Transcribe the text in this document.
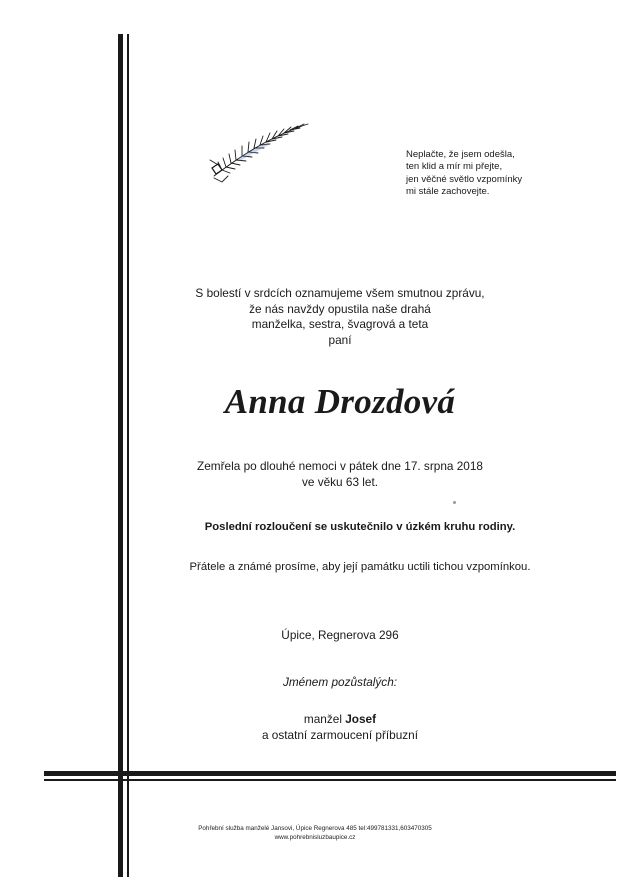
Neplačte, že jsem odešla,
ten klid a mír mi přejte,
jen věčné světlo vzpomínky
mi stále zachovejte.
S bolestí v srdcích oznamujeme všem smutnou zprávu,
že nás navždy opustila naše drahá
manželka, sestra, švagrová a teta
paní
Anna Drozdová
Zemřela po dlouhé nemoci v pátek dne 17. srpna 2018
ve věku 63 let.
Poslední rozloučení se uskutečnilo v úzkém kruhu rodiny.
Přátele a známé prosíme, aby její památku uctili tichou vzpomínkou.
Úpice, Regnerova 296
Jménem pozůstalých:
manžel Josef
a ostatní zarmoucení příbuzní
Pohřební služba manželé Jansovi, Úpice Regnerova 485 tel:499781331,603470305
www.pohrebnisluzbaupice.cz
